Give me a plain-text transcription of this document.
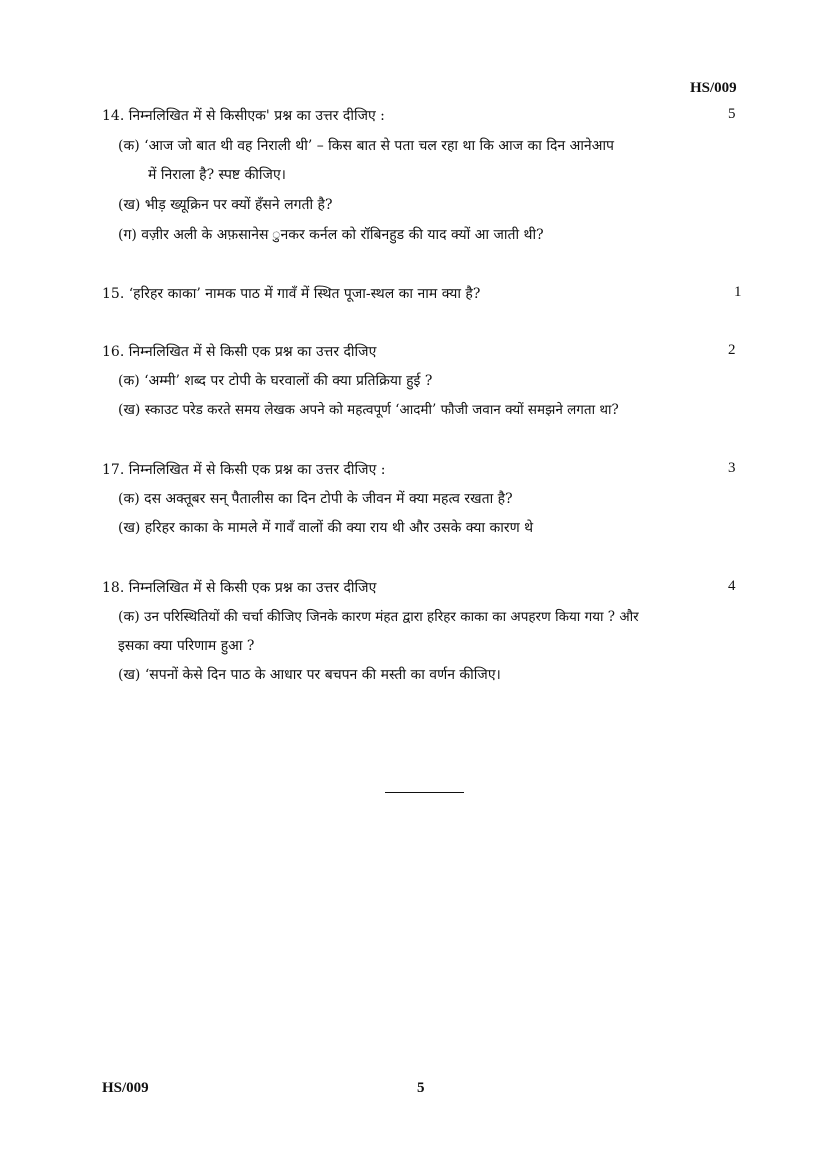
HS/009
14. निम्नलिखित में से किसीएक' प्रश्न का उत्तर दीजिए :	5
(क) ‘आज जो बात थी वह निराली थी’ – किस बात से पता चल रहा था कि आज का दिन आनेआप
में निराला है? स्पष्ट कीजिए।
(ख) भीड़ ख्यूक्रिन पर क्यों हँसने लगती है?
(ग) वज़ीर अली के अफ़सानेस ुनकर कर्नल को रॉबिनहुड की याद क्यों आ जाती थी?
15. ‘हरिहर काका’ नामक पाठ में गावँ में स्थित पूजा-स्थल का नाम क्या है?	1
16. निम्नलिखित में से किसी एक प्रश्न का उत्तर दीजिए	2
(क) ‘अम्मी’ शब्द पर टोपी के घरवालों की क्या प्रतिक्रिया हुई ?
(ख) स्काउट परेड करते समय लेखक अपने को महत्वपूर्ण ‘आदमी’ फौजी जवान क्यों समझने लगता था?
17. निम्नलिखित में से किसी एक प्रश्न का उत्तर दीजिए :	3
(क) दस अक्तूबर सन् पैतालीस का दिन टोपी के जीवन में क्या महत्व रखता है?
(ख) हरिहर काका के मामले में गावँ वालों की क्या राय थी और उसके क्या कारण थे
18. निम्नलिखित में से किसी एक प्रश्न का उत्तर दीजिए	4
(क) उन परिस्थितियों की चर्चा कीजिए जिनके कारण मंहत द्वारा हरिहर काका का अपहरण किया गया ? और
इसका क्या परिणाम हुआ ?
(ख) ‘सपनों केसे दिन पाठ के आधार पर बचपन की मस्ती का वर्णन कीजिए।
HS/009	5
